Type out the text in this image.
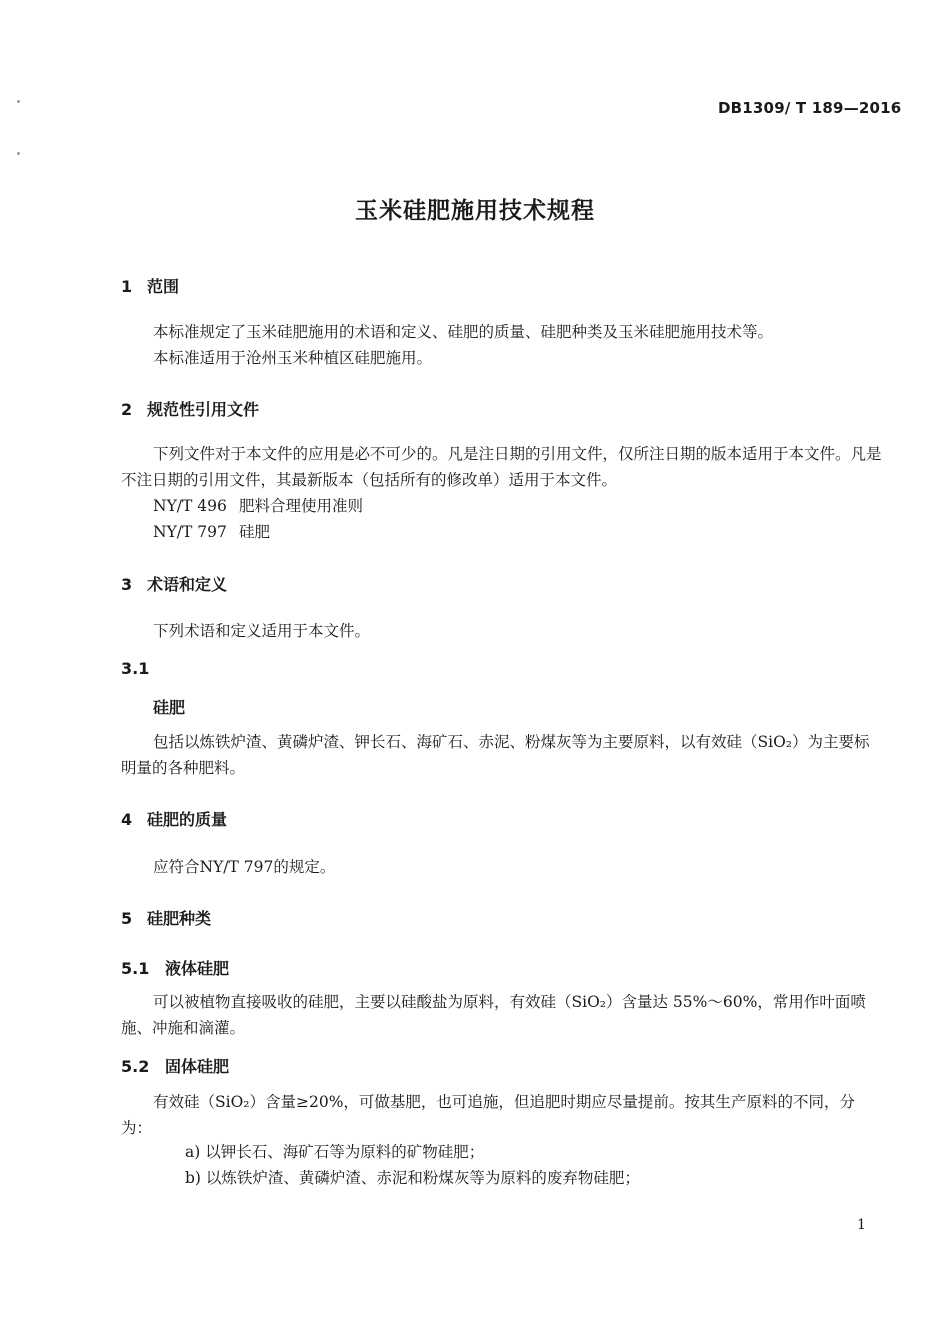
DB1309/ T 189—2016
玉米硅肥施用技术规程
1 范围
本标准规定了玉米硅肥施用的术语和定义、硅肥的质量、硅肥种类及玉米硅肥施用技术等。
本标准适用于沧州玉米种植区硅肥施用。
2 规范性引用文件
下列文件对于本文件的应用是必不可少的。凡是注日期的引用文件，仅所注日期的版本适用于本文件。凡是不注日期的引用文件，其最新版本（包括所有的修改单）适用于本文件。
NY/T 496 肥料合理使用准则
NY/T 797 硅肥
3 术语和定义
下列术语和定义适用于本文件。
3.1
硅肥
包括以炼铁炉渣、黄磷炉渣、钾长石、海矿石、赤泥、粉煤灰等为主要原料，以有效硅（SiO₂）为主要标明量的各种肥料。
4 硅肥的质量
应符合NY/T 797的规定。
5 硅肥种类
5.1 液体硅肥
可以被植物直接吸收的硅肥，主要以硅酸盐为原料，有效硅（SiO₂）含量达 55%～60%，常用作叶面喷施、冲施和滴灌。
5.2 固体硅肥
有效硅（SiO₂）含量≥20%，可做基肥，也可追施，但追肥时期应尽量提前。按其生产原料的不同，分为：
a) 以钾长石、海矿石等为原料的矿物硅肥；
b) 以炼铁炉渣、黄磷炉渣、赤泥和粉煤灰等为原料的废弃物硅肥；
1
